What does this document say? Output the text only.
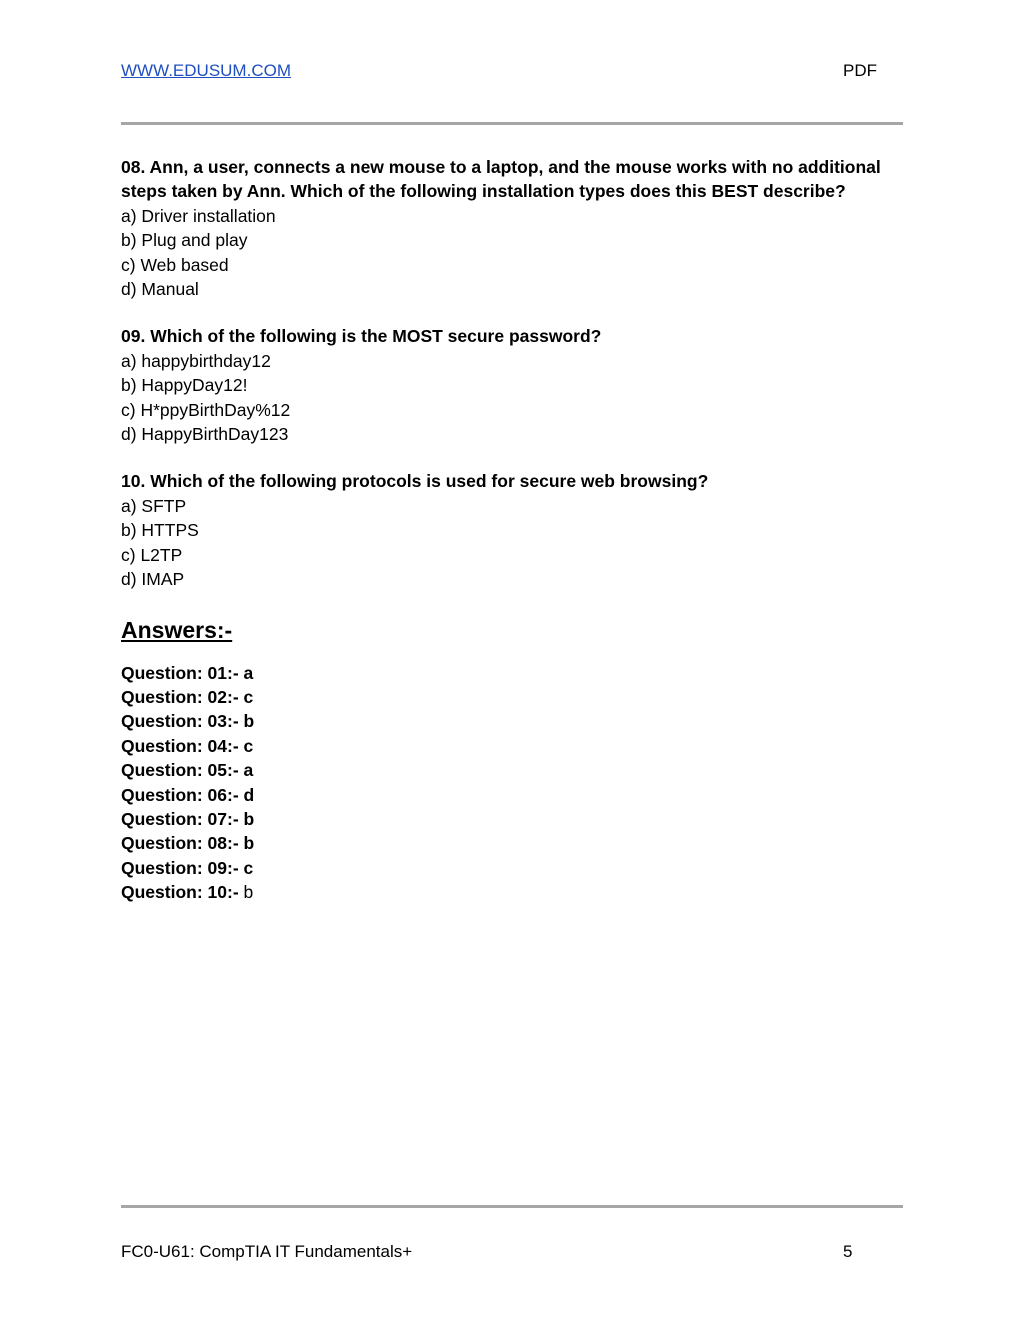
WWW.EDUSUM.COM	PDF
08. Ann, a user, connects a new mouse to a laptop, and the mouse works with no additional steps taken by Ann. Which of the following installation types does this BEST describe?
a) Driver installation
b) Plug and play
c) Web based
d) Manual
09. Which of the following is the MOST secure password?
a) happybirthday12
b) HappyDay12!
c) H*ppyBirthDay%12
d) HappyBirthDay123
10. Which of the following protocols is used for secure web browsing?
a) SFTP
b) HTTPS
c) L2TP
d) IMAP
Answers:-
Question: 01:- a
Question: 02:- c
Question: 03:- b
Question: 04:- c
Question: 05:- a
Question: 06:- d
Question: 07:- b
Question: 08:- b
Question: 09:- c
Question: 10:- b
FC0-U61: CompTIA IT Fundamentals+	5
